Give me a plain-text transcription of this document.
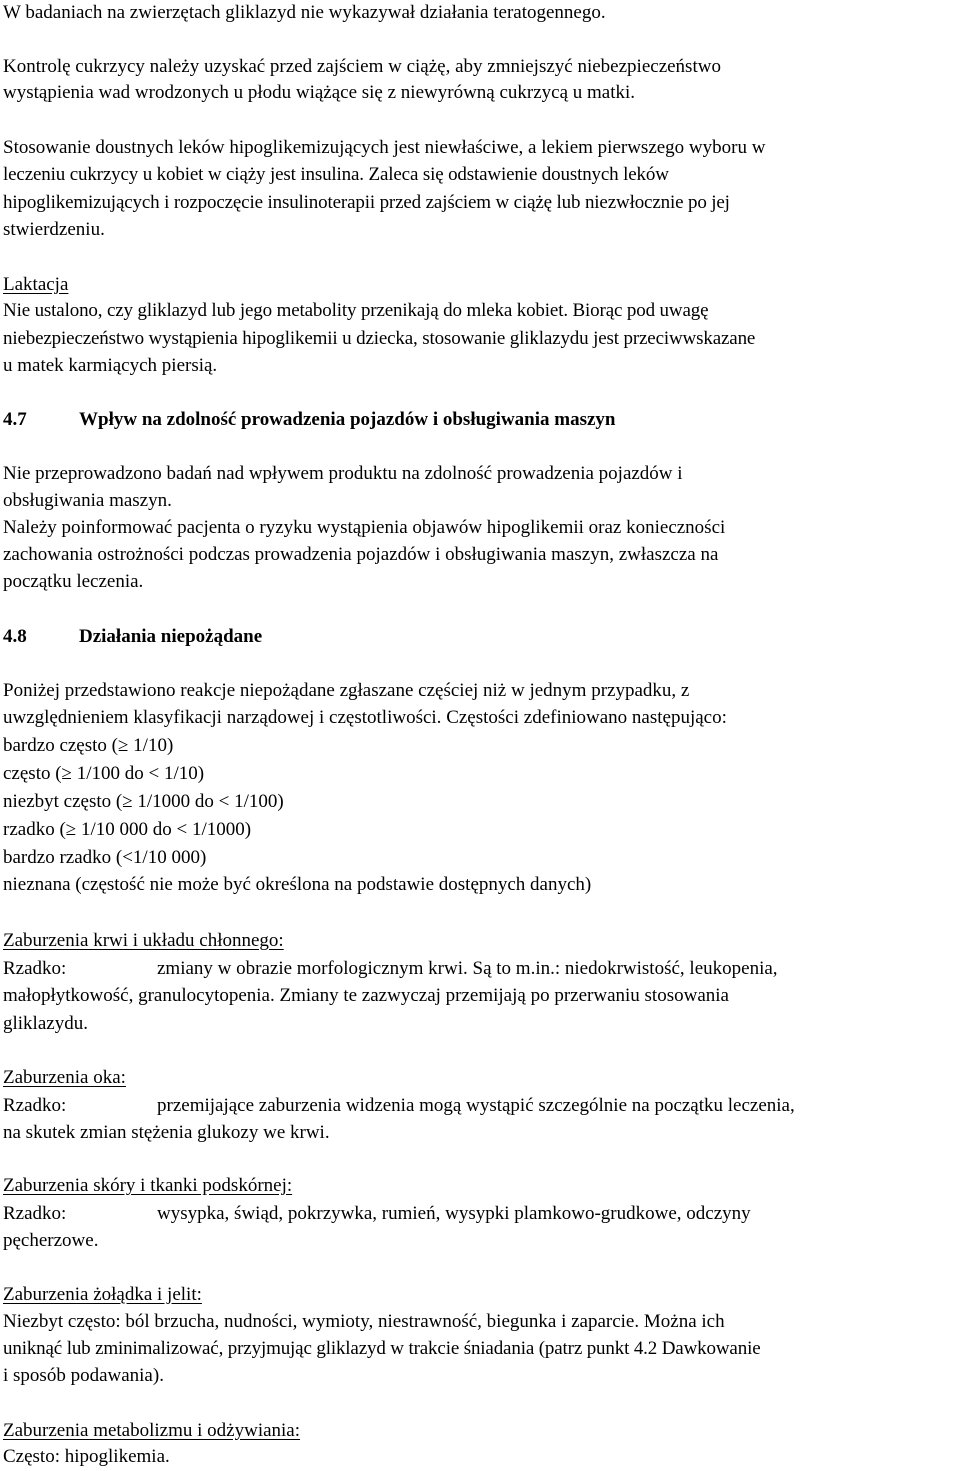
W badaniach na zwierzętach gliklazyd nie wykazywał działania teratogennego.

Kontrolę cukrzycy należy uzyskać przed zajściem w ciążę, aby zmniejszyć niebezpieczeństwo

wystąpienia wad wrodzonych u płodu wiążące się z niewyrówną cukrzycą u matki.

Stosowanie doustnych leków hipoglikemizujących jest niewłaściwe, a lekiem pierwszego wyboru w

leczeniu cukrzycy u kobiet w ciąży jest insulina. Zaleca się odstawienie doustnych leków

hipoglikemizujących i rozpoczęcie insulinoterapii przed zajściem w ciążę lub niezwłocznie po jej

stwierdzeniu.

Laktacja

Nie ustalono, czy gliklazyd lub jego metabolity przenikają do mleka kobiet. Biorąc pod uwagę

niebezpieczeństwo wystąpienia hipoglikemii u dziecka, stosowanie gliklazydu jest przeciwwskazane

u matek karmiących piersią.

4.7	Wpływ na zdolność prowadzenia pojazdów i obsługiwania maszyn

Nie przeprowadzono badań nad wpływem produktu na zdolność prowadzenia pojazdów i

obsługiwania maszyn.

Należy poinformować pacjenta o ryzyku wystąpienia objawów hipoglikemii oraz konieczności

zachowania ostrożności podczas prowadzenia pojazdów i obsługiwania maszyn, zwłaszcza na

początku leczenia.

4.8	Działania niepożądane

Poniżej przedstawiono reakcje niepożądane zgłaszane częściej niż w jednym przypadku, z

uwzględnieniem klasyfikacji narządowej i częstotliwości. Częstości zdefiniowano następująco:

bardzo często (≥ 1/10)

często (≥ 1/100 do < 1/10)

niezbyt często (≥ 1/1000 do < 1/100)

rzadko (≥ 1/10 000 do < 1/1000)

bardzo rzadko (<1/10 000)

nieznana (częstość nie może być określona na podstawie dostępnych danych)

Zaburzenia krwi i układu chłonnego:

Rzadko:	zmiany w obrazie morfologicznym krwi. Są to m.in.: niedokrwistość, leukopenia,

małopłytkowość, granulocytopenia. Zmiany te zazwyczaj przemijają po przerwaniu stosowania

gliklazydu.

Zaburzenia oka:

Rzadko:	przemijające zaburzenia widzenia mogą wystąpić szczególnie na początku leczenia,

na skutek zmian stężenia glukozy we krwi.

Zaburzenia skóry i tkanki podskórnej:

Rzadko:	wysypka, świąd, pokrzywka, rumień, wysypki plamkowo-grudkowe, odczyny

pęcherzowe.

Zaburzenia żołądka i jelit:

Niezbyt często: ból brzucha, nudności, wymioty, niestrawność, biegunka i zaparcie. Można ich

uniknąć lub zminimalizować, przyjmując gliklazyd w trakcie śniadania (patrz punkt 4.2 Dawkowanie

i sposób podawania).

Zaburzenia metabolizmu i odżywiania:

Często: hipoglikemia.
